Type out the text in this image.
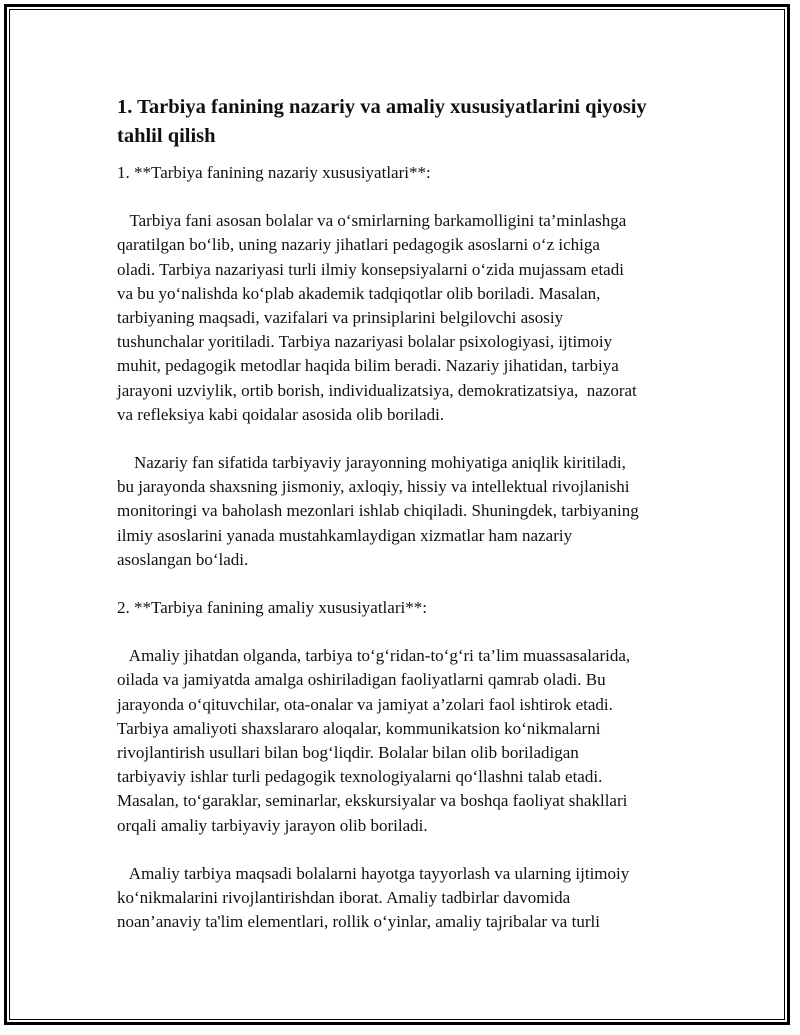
1. Tarbiya fanining nazariy va amaliy xususiyatlarini qiyosiy tahlil qilish
1. **Tarbiya fanining nazariy xususiyatlari**:
Tarbiya fani asosan bolalar va o‘smirlarning barkamolligini ta’minlashga
qaratilgan bo‘lib, uning nazariy jihatlari pedagogik asoslarni o‘z ichiga
oladi. Tarbiya nazariyasi turli ilmiy konsepsiyalarni o‘zida mujassam etadi
va bu yo‘nalishda ko‘plab akademik tadqiqotlar olib boriladi. Masalan,
tarbiyaning maqsadi, vazifalari va prinsiplarini belgilovchi asosiy
tushunchalar yoritiladi. Tarbiya nazariyasi bolalar psixologiyasi, ijtimoiy
muhit, pedagogik metodlar haqida bilim beradi. Nazariy jihatidan, tarbiya
jarayoni uzviylik, ortib borish, individualizatsiya, demokratizatsiya,  nazorat
va refleksiya kabi qoidalar asosida olib boriladi.
Nazariy fan sifatida tarbiyaviy jarayonning mohiyatiga aniqlik kiritiladi,
bu jarayonda shaxsning jismoniy, axloqiy, hissiy va intellektual rivojlanishi
monitoringi va baholash mezonlari ishlab chiqiladi. Shuningdek, tarbiyaning
ilmiy asoslarini yanada mustahkamlaydigan xizmatlar ham nazariy
asoslangan bo‘ladi.
2. **Tarbiya fanining amaliy xususiyatlari**:
Amaliy jihatdan olganda, tarbiya to‘g‘ridan-to‘g‘ri ta’lim muassasalarida,
oilada va jamiyatda amalga oshiriladigan faoliyatlarni qamrab oladi. Bu
jarayonda o‘qituvchilar, ota-onalar va jamiyat a’zolari faol ishtirok etadi.
Tarbiya amaliyoti shaxslararo aloqalar, kommunikatsion ko‘nikmalarni
rivojlantirish usullari bilan bog‘liqdir. Bolalar bilan olib boriladigan
tarbiyaviy ishlar turli pedagogik texnologiyalarni qo‘llashni talab etadi.
Masalan, to‘garaklar, seminarlar, ekskursiyalar va boshqa faoliyat shakllari
orqali amaliy tarbiyaviy jarayon olib boriladi.
Amaliy tarbiya maqsadi bolalarni hayotga tayyorlash va ularning ijtimoiy
ko‘nikmalarini rivojlantirishdan iborat. Amaliy tadbirlar davomida
noan’anaviy ta'lim elementlari, rollik o‘yinlar, amaliy tajribalar va turli
